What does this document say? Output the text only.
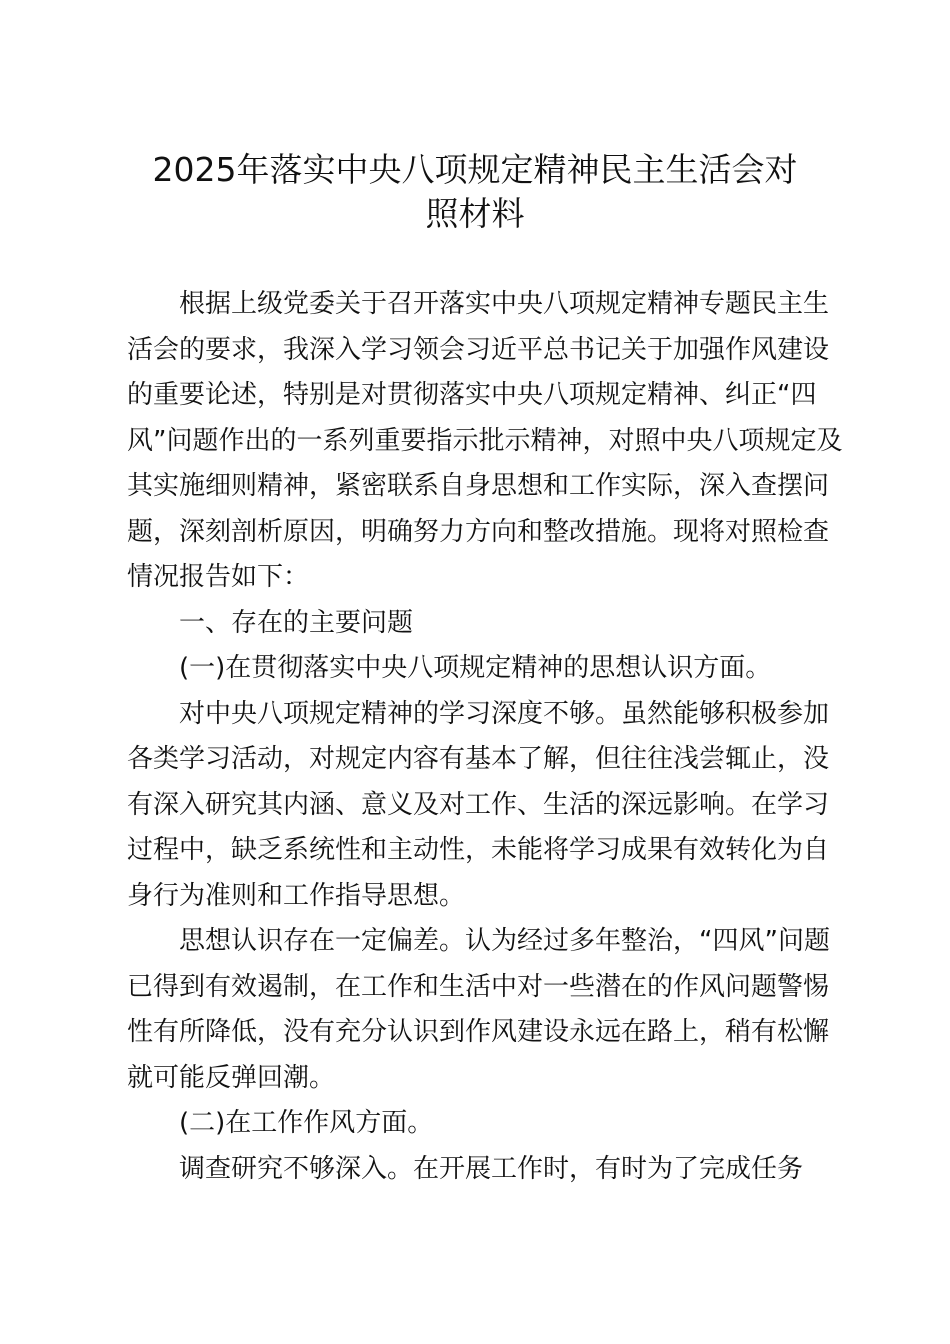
2025年落实中央八项规定精神民主生活会对
照材料

根据上级党委关于召开落实中央八项规定精神专题民主生
活会的要求，我深入学习领会习近平总书记关于加强作风建设
的重要论述，特别是对贯彻落实中央八项规定精神、纠正“四
风”问题作出的一系列重要指示批示精神，对照中央八项规定及
其实施细则精神，紧密联系自身思想和工作实际，深入查摆问
题，深刻剖析原因，明确努力方向和整改措施。现将对照检查
情况报告如下：

一、存在的主要问题

(一)在贯彻落实中央八项规定精神的思想认识方面。

对中央八项规定精神的学习深度不够。虽然能够积极参加
各类学习活动，对规定内容有基本了解，但往往浅尝辄止，没
有深入研究其内涵、意义及对工作、生活的深远影响。在学习
过程中，缺乏系统性和主动性，未能将学习成果有效转化为自
身行为准则和工作指导思想。

思想认识存在一定偏差。认为经过多年整治，“四风”问题
已得到有效遏制，在工作和生活中对一些潜在的作风问题警惕
性有所降低，没有充分认识到作风建设永远在路上，稍有松懈
就可能反弹回潮。

(二)在工作作风方面。

调查研究不够深入。在开展工作时，有时为了完成任务
